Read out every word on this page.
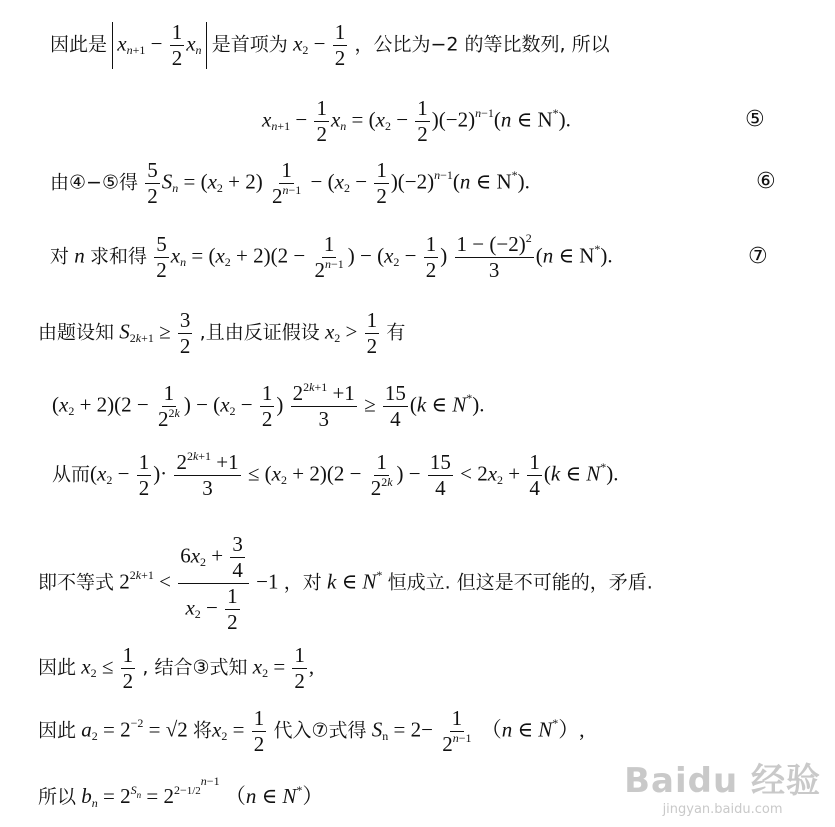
因此是 $x_{n+1} - \frac{1}{2} x_n$ 是首项为 $x_2 - \frac{1}{2}$ ，公比为−2 的等比数列, 所以
$x_{n+1} - \frac{1}{2} x_n = (x_2 - \frac{1}{2} )(-2)^{n-1}(n$ ∈ N*).	⑤
由④−⑤得 $\frac{5}{2} S_n = (x_2 + 2) \frac{1}{2^{n-1}} - (x_2 - \frac{1}{2} )(-2)^{n-1}(n$ ∈ N*).	⑥
对 n 求和得 $\frac{5}{2} x_n = (x_2 + 2)(2 - \frac{1}{2^{n-1}}$ ) − ($x_2 - \frac{1}{2}$ ) $\frac{1 - (-2)^2}{3} (n$ ∈ N*).	⑦
由题设知 $S_{2k+1} \ge \frac{3}{2}$ ,且由反证假设 $x_2 > \frac{1}{2}$ 有
$(x_2 + 2)(2 - \frac{1}{2^{2k}}$ ) − ($x_2 - \frac{1}{2}$ ) $\frac{2^{2k+1} +1}{3} \ge \frac{15}{4} (k$ ∈ N*).
从而($x_2 - \frac{1}{2}$ )· $\frac{2^{2k+1} +1}{3} \le (x_2 + 2)(2 - \frac{1}{2^{2k}}$ ) − $\frac{15}{4} < 2x_2 + \frac{1}{4} (k$ ∈ N*).
即不等式 $2^{2k+1} < \frac{6x_2 + \frac{3}{4}}{x_2 - \frac{1}{2}} -1$ ，对 k ∈ N* 恒成立. 但这是不可能的，矛盾.
因此 $x_2 \le \frac{1}{2}$ , 结合③式知 $x_2 = \frac{1}{2}$ ,
因此 $a_2 = 2^{-2} = √2$ 将$x_2 = \frac{1}{2}$ 代入⑦式得 $S_n = 2- \frac{1}{2^{n-1}} (n$ ∈ N*）,
所以 $b_n = 2^{S_n} = 2^{2-1/2^{n-1}}$ （n ∈ N*）	Baidu 经验
jingyan.baidu.com
